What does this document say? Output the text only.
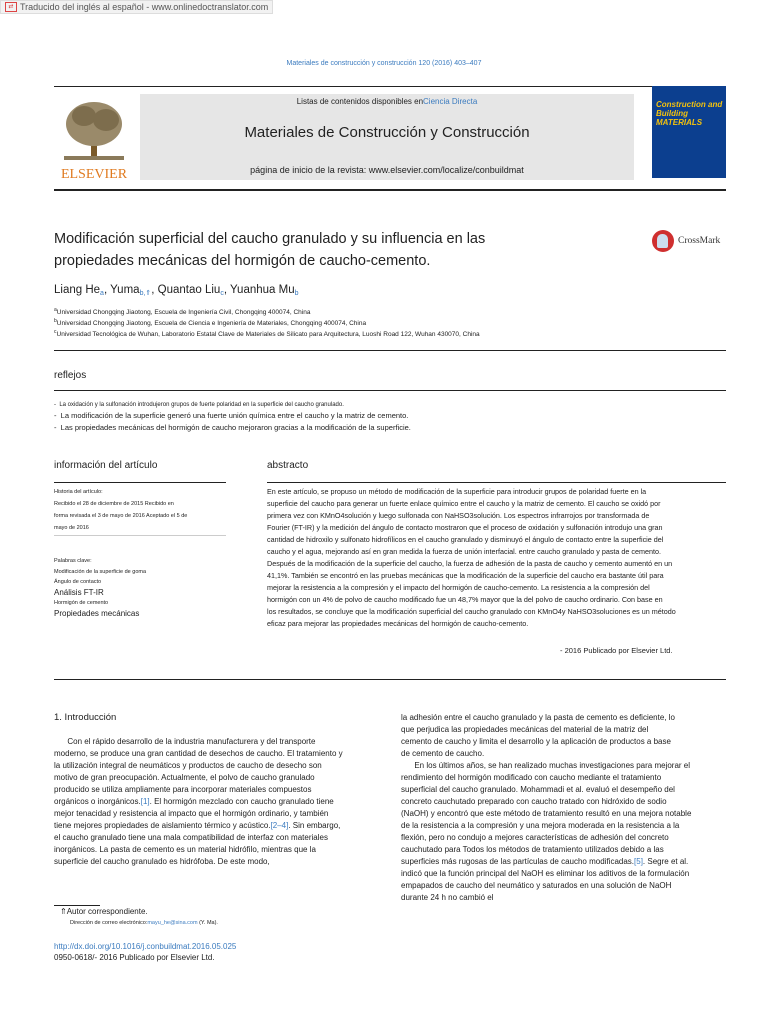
⇄ Traducido del inglés al español - www.onlinedoctranslator.com
Materiales de construcción y construcción 120 (2016) 403–407
ELSEVIER
Listas de contenidos disponibles enCiencia Directa
Materiales de Construcción y Construcción
página de inicio de la revista: www.elsevier.com/localize/conbuildmat
Construction and Building MATERIALS
Modificación superficial del caucho granulado y su influencia en las
propiedades mecánicas del hormigón de caucho-cemento.
CrossMark
Liang He$^a$, Yuma$^{b,⇑}$, Quantao Liu$^c$, Yuanhua Mu$^b$
$^a$Universidad Chongqing Jiaotong, Escuela de Ingeniería Civil, Chongqing 400074, China
$^b$Universidad Chongqing Jiaotong, Escuela de Ciencia e Ingeniería de Materiales, Chongqing 400074, China
$^c$Universidad Tecnológica de Wuhan, Laboratorio Estatal Clave de Materiales de Silicato para Arquitectura, Luoshi Road 122, Wuhan 430070, China
reflejos
-  La oxidación y la sulfonación introdujeron grupos de fuerte polaridad en la superficie del caucho granulado.
-  La modificación de la superficie generó una fuerte unión química entre el caucho y la matriz de cemento.
-  Las propiedades mecánicas del hormigón de caucho mejoraron gracias a la modificación de la superficie.
información del artículo	abstracto
Historia del artículo:
Recibido el 28 de diciembre de 2015 Recibido en
forma revisada el 3 de mayo de 2016 Aceptado el 5 de
mayo de 2016
Palabras clave:
Modificación de la superficie de goma
Ángulo de contacto
Análisis FT-IR
Hormigón de cemento
Propiedades mecánicas
En este artículo, se propuso un método de modificación de la superficie para introducir grupos de polaridad fuerte en la
superficie del caucho para generar un fuerte enlace químico entre el caucho y la matriz de cemento. El caucho se oxidó por
primera vez con KMnO4solución y luego sulfonada con NaHSO3solución. Los espectros infrarrojos por transformada de
Fourier (FT-IR) y la medición del ángulo de contacto mostraron que el proceso de oxidación y sulfonación introdujo una gran
cantidad de hidroxilo y sulfonato hidrofílicos en el caucho granulado y disminuyó el ángulo de contacto entre la superficie del
caucho y el agua, mejorando así en gran medida la fuerza de unión interfacial. entre caucho granulado y pasta de cemento.
Después de la modificación de la superficie del caucho, la fuerza de adhesión de la pasta de caucho y cemento aumentó en un
41,1%. También se encontró en las pruebas mecánicas que la modificación de la superficie del caucho era bastante útil para
mejorar la resistencia a la compresión y el impacto del hormigón de caucho-cemento. La resistencia a la compresión del
hormigón con un 4% de polvo de caucho modificado fue un 48,7% mayor que la del polvo de caucho ordinario. Con base en
los resultados, se concluye que la modificación superficial del caucho granulado con KMnO4y NaHSO3soluciones es un método
eficaz para mejorar las propiedades mecánicas del hormigón de caucho-cemento.
- 2016 Publicado por Elsevier Ltd.
1. Introducción
Con el rápido desarrollo de la industria manufacturera y del transporte
moderno, se produce una gran cantidad de desechos de caucho. El tratamiento y
la utilización integral de neumáticos y productos de caucho de desecho son
motivo de gran preocupación. Actualmente, el polvo de caucho granulado
producido se utiliza ampliamente para incorporar materiales compuestos
orgánicos o inorgánicos.[1]. El hormigón mezclado con caucho granulado tiene
mejor tenacidad y resistencia al impacto que el hormigón ordinario, y también
tiene mejores propiedades de aislamiento térmico y acústico.[2–4]. Sin embargo,
el caucho granulado tiene una mala compatibilidad de interfaz con materiales
inorgánicos. La pasta de cemento es un material hidrófilo, mientras que la
superficie del caucho granulado es hidrófoba. De este modo,
la adhesión entre el caucho granulado y la pasta de cemento es deficiente, lo
que perjudica las propiedades mecánicas del material de la matriz del
cemento de caucho y limita el desarrollo y la aplicación de productos a base
de cemento de caucho.
En los últimos años, se han realizado muchas investigaciones para mejorar el
rendimiento del hormigón modificado con caucho mediante el tratamiento
superficial del caucho granulado. Mohammadi et al. evaluó el desempeño del
concreto cauchutado preparado con caucho tratado con hidróxido de sodio
(NaOH) y encontró que este método de tratamiento resultó en una mejora notable
de la resistencia a la compresión y una mejora moderada en la resistencia a la
flexión, pero no condujo a mejores características de adhesión del concreto
cauchutado para Todos los métodos de tratamiento utilizados debido a las
superficies más rugosas de las partículas de caucho modificadas.[5]. Segre et al.
indicó que la función principal del NaOH es eliminar los aditivos de la formulación
empapados de caucho del neumático y saturados en una solución de NaOH
durante 24 h no cambió el
⇑Autor correspondiente.
Dirección de correo electrónico:mayu_he@sina.com (Y. Ma).
http://dx.doi.org/10.1016/j.conbuildmat.2016.05.025
0950-0618/- 2016 Publicado por Elsevier Ltd.
